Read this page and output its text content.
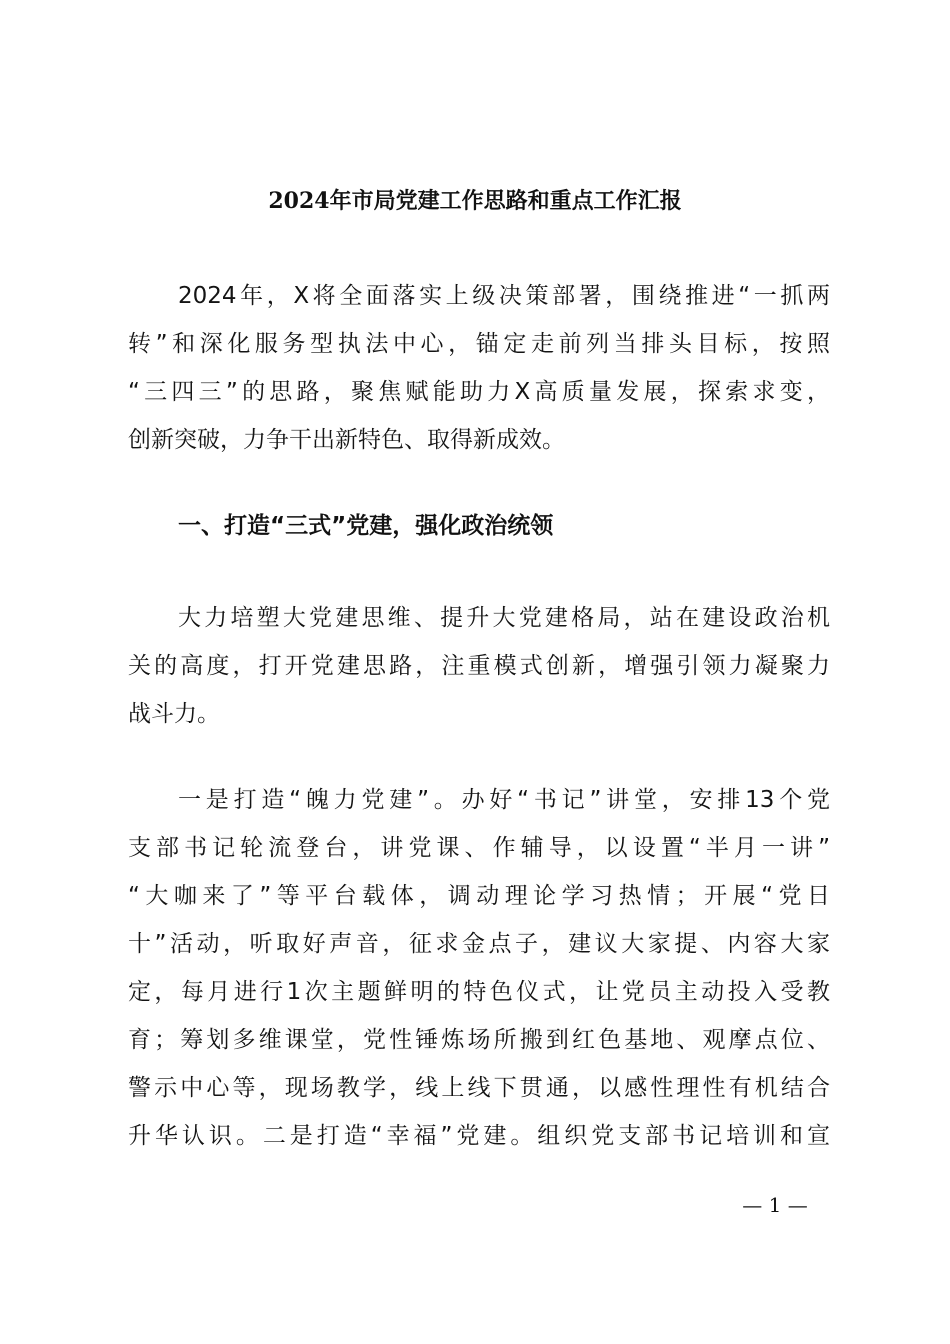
2024年市局党建工作思路和重点工作汇报
2024年，X将全面落实上级决策部署，围绕推进“一抓两
转”和深化服务型执法中心，锚定走前列当排头目标，按照
“三四三”的思路，聚焦赋能助力X高质量发展，探索求变，
创新突破，力争干出新特色、取得新成效。
一、打造“三式”党建，强化政治统领
大力培塑大党建思维、提升大党建格局，站在建设政治机
关的高度，打开党建思路，注重模式创新，增强引领力凝聚力
战斗力。
一是打造“魄力党建”。办好“书记”讲堂，安排13个党
支部书记轮流登台，讲党课、作辅导，以设置“半月一讲”
“大咖来了”等平台载体，调动理论学习热情；开展“党日
十”活动，听取好声音，征求金点子，建议大家提、内容大家
定，每月进行1次主题鲜明的特色仪式，让党员主动投入受教
育；筹划多维课堂，党性锤炼场所搬到红色基地、观摩点位、
警示中心等，现场教学，线上线下贯通，以感性理性有机结合
升华认识。二是打造“幸福”党建。组织党支部书记培训和宣
— 1 —
